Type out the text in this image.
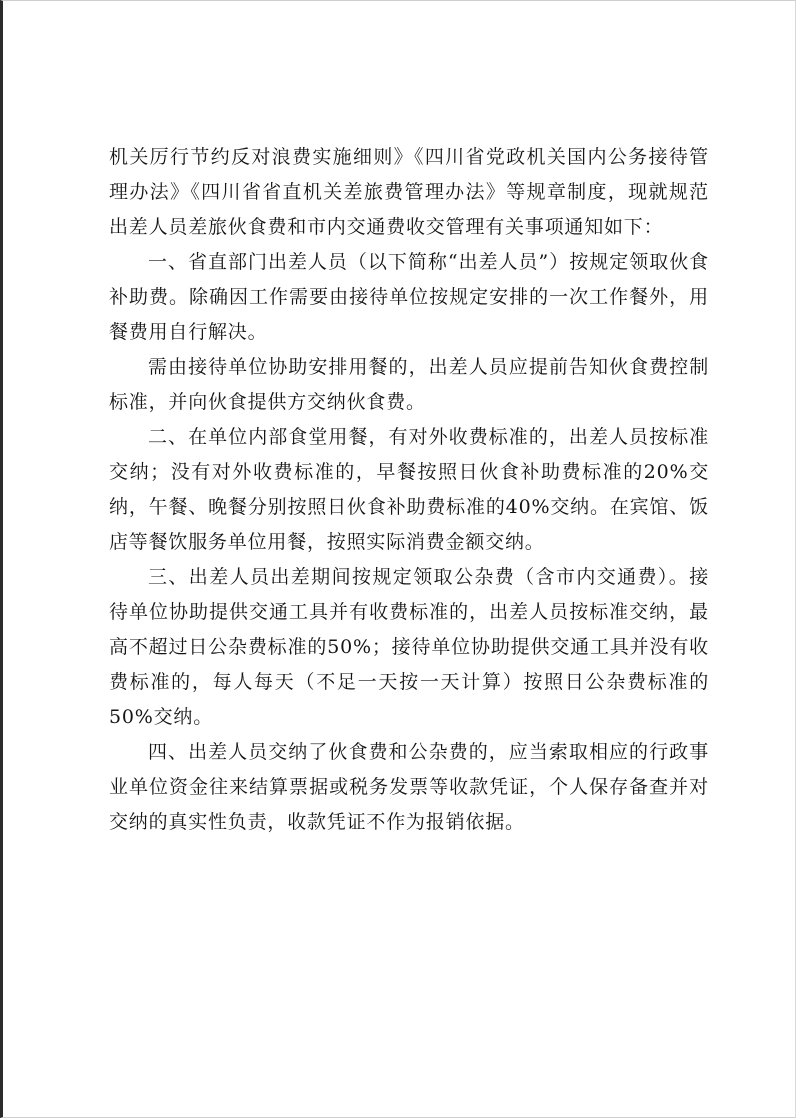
机关厉行节约反对浪费实施细则》《四川省党政机关国内公务接待管理办法》《四川省省直机关差旅费管理办法》等规章制度，现就规范出差人员差旅伙食费和市内交通费收交管理有关事项通知如下：

一、省直部门出差人员（以下简称“出差人员”）按规定领取伙食补助费。除确因工作需要由接待单位按规定安排的一次工作餐外，用餐费用自行解决。

需由接待单位协助安排用餐的，出差人员应提前告知伙食费控制标准，并向伙食提供方交纳伙食费。

二、在单位内部食堂用餐，有对外收费标准的，出差人员按标准交纳；没有对外收费标准的，早餐按照日伙食补助费标准的20%交纳，午餐、晚餐分别按照日伙食补助费标准的40%交纳。在宾馆、饭店等餐饮服务单位用餐，按照实际消费金额交纳。

三、出差人员出差期间按规定领取公杂费（含市内交通费）。接待单位协助提供交通工具并有收费标准的，出差人员按标准交纳，最高不超过日公杂费标准的50%；接待单位协助提供交通工具并没有收费标准的，每人每天（不足一天按一天计算）按照日公杂费标准的50%交纳。

四、出差人员交纳了伙食费和公杂费的，应当索取相应的行政事业单位资金往来结算票据或税务发票等收款凭证，个人保存备查并对交纳的真实性负责，收款凭证不作为报销依据。
